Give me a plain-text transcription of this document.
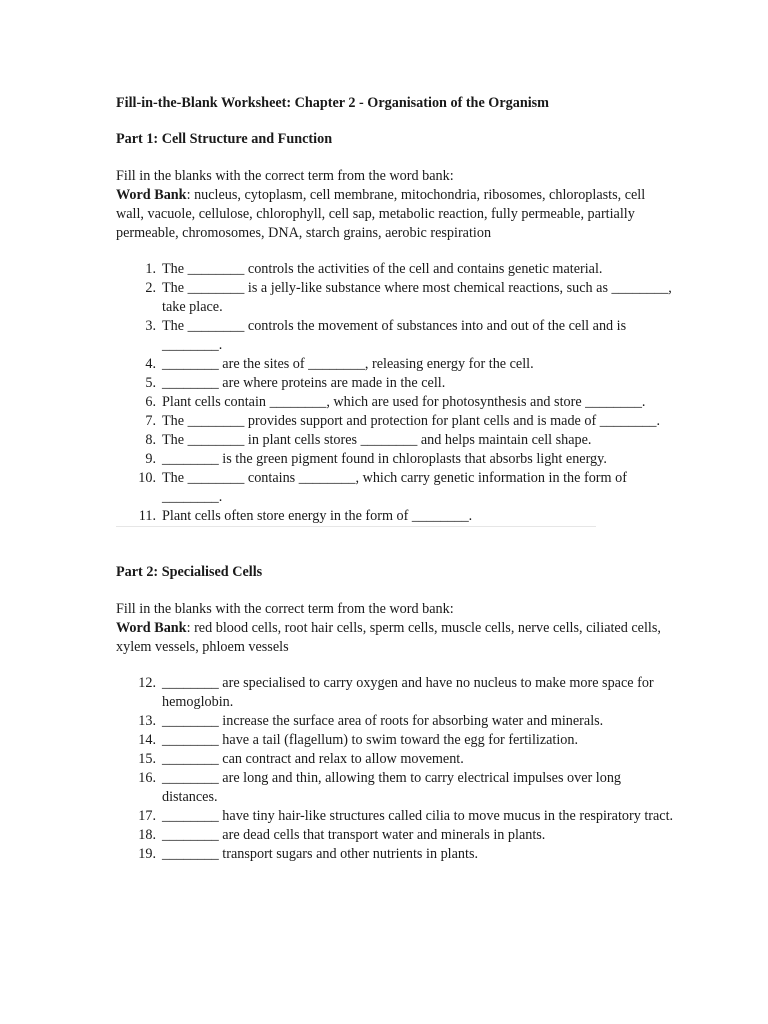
Fill-in-the-Blank Worksheet: Chapter 2 - Organisation of the Organism

Part 1: Cell Structure and Function

Fill in the blanks with the correct term from the word bank:

Word Bank: nucleus, cytoplasm, cell membrane, mitochondria, ribosomes, chloroplasts, cell wall, vacuole, cellulose, chlorophyll, cell sap, metabolic reaction, fully permeable, partially permeable, chromosomes, DNA, starch grains, aerobic respiration

1. The ________ controls the activities of the cell and contains genetic material.
2. The ________ is a jelly-like substance where most chemical reactions, such as ________, take place.
3. The ________ controls the movement of substances into and out of the cell and is ________.
4. ________ are the sites of ________, releasing energy for the cell.
5. ________ are where proteins are made in the cell.
6. Plant cells contain ________, which are used for photosynthesis and store ________.
7. The ________ provides support and protection for plant cells and is made of ________.
8. The ________ in plant cells stores ________ and helps maintain cell shape.
9. ________ is the green pigment found in chloroplasts that absorbs light energy.
10. The ________ contains ________, which carry genetic information in the form of ________.
11. Plant cells often store energy in the form of ________.

Part 2: Specialised Cells

Fill in the blanks with the correct term from the word bank:

Word Bank: red blood cells, root hair cells, sperm cells, muscle cells, nerve cells, ciliated cells, xylem vessels, phloem vessels

12. ________ are specialised to carry oxygen and have no nucleus to make more space for hemoglobin.
13. ________ increase the surface area of roots for absorbing water and minerals.
14. ________ have a tail (flagellum) to swim toward the egg for fertilization.
15. ________ can contract and relax to allow movement.
16. ________ are long and thin, allowing them to carry electrical impulses over long distances.
17. ________ have tiny hair-like structures called cilia to move mucus in the respiratory tract.
18. ________ are dead cells that transport water and minerals in plants.
19. ________ transport sugars and other nutrients in plants.
